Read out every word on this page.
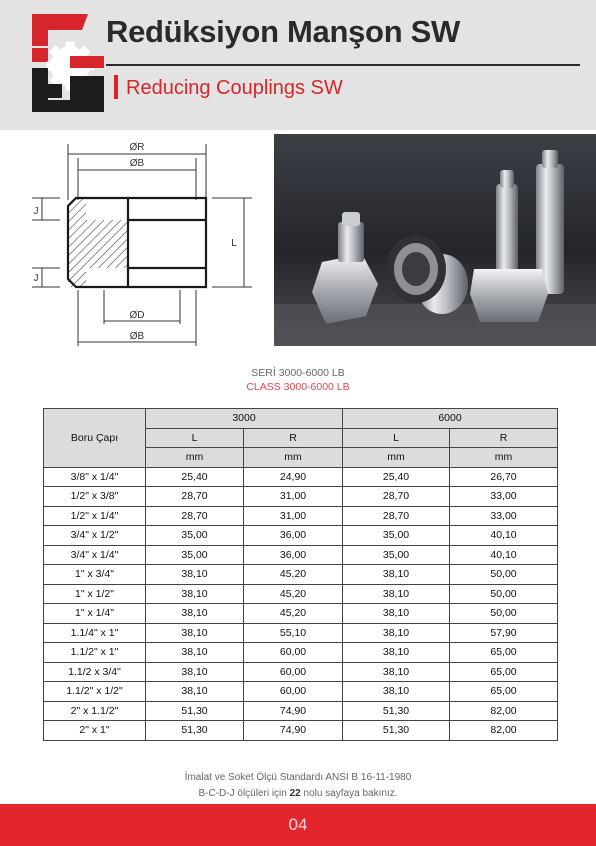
Redüksiyon Manşon SW
Reducing Couplings SW
ØR
ØB
J
J
L
ØD
ØB
SERİ 3000-6000 LB
CLASS 3000-6000 LB
Boru Çapı	3000		6000	
	L	R	L	R
	mm	mm	mm	mm
3/8" x 1/4"	25,40	24,90	25,40	26,70
1/2" x 3/8"	28,70	31,00	28,70	33,00
1/2" x 1/4"	28,70	31,00	28,70	33,00
3/4" x 1/2"	35,00	36,00	35,00	40,10
3/4" x 1/4"	35,00	36,00	35,00	40,10
1" x 3/4"	38,10	45,20	38,10	50,00
1" x 1/2"	38,10	45,20	38,10	50,00
1" x 1/4"	38,10	45,20	38,10	50,00
1.1/4" x 1"	38,10	55,10	38,10	57,90
1.1/2" x 1"	38,10	60,00	38,10	65,00
1.1/2 x 3/4"	38,10	60,00	38,10	65,00
1.1/2" x 1/2"	38,10	60,00	38,10	65,00
2" x 1.1/2"	51,30	74,90	51,30	82,00
2" x 1"	51,30	74,90	51,30	82,00
İmalat ve Soket Ölçü Standardı ANSI B 16-11-1980
B-C-D-J ölçüleri için 22 nolu sayfaya bakınız.
04
